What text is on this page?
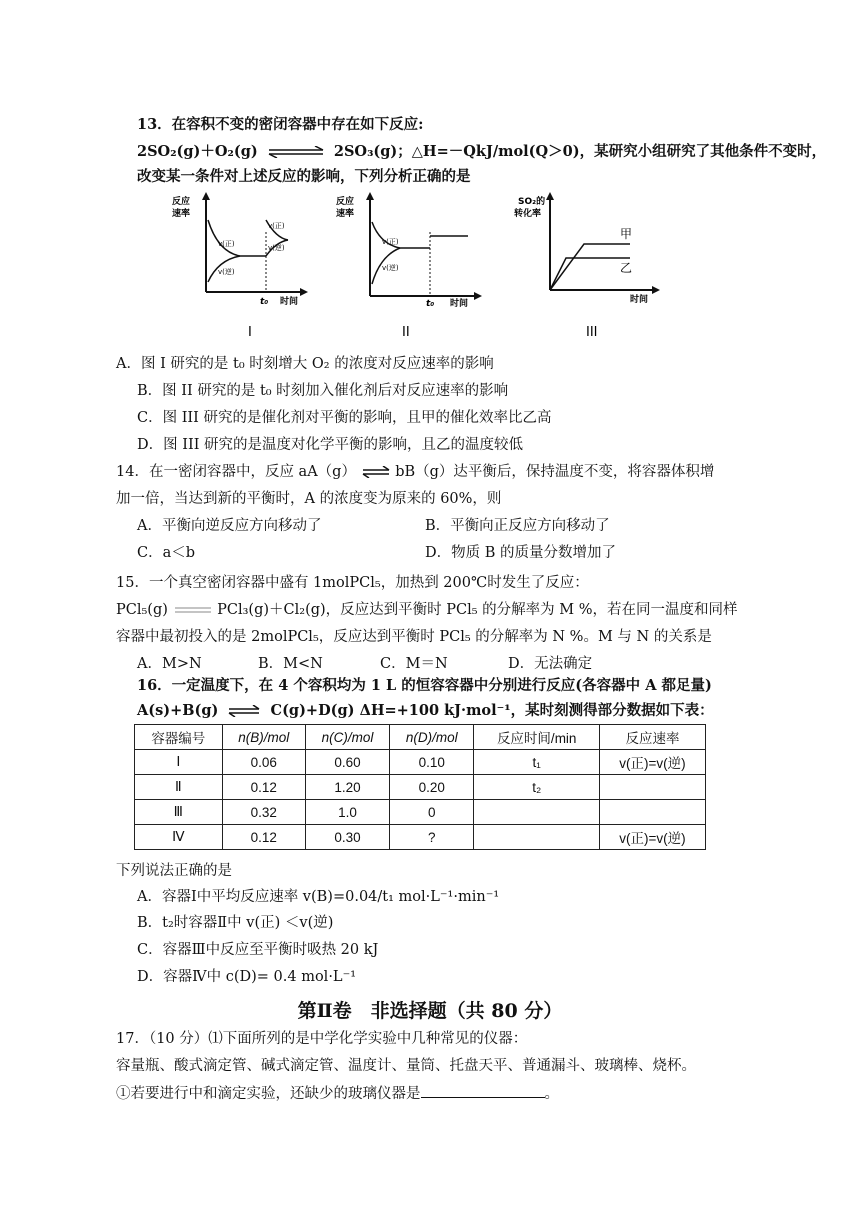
13．在容积不变的密闭容器中存在如下反应:
2SO₂(g)＋O₂(g) ⇌ 2SO₃(g)；△H=－QkJ/mol(Q＞0)，某研究小组研究了其他条件不变时，
改变某一条件对上述反应的影响，下列分析正确的是
反应
速率
v(正)
v(逆)
v(正)
v(逆)
t₀ 时间
I
反应
速率
v(正)
v(逆)
t₀ 时间
II
SO₂的
转化率
甲
乙
时间
III
A．图 I 研究的是 t₀ 时刻增大 O₂ 的浓度对反应速率的影响
B．图 II 研究的是 t₀ 时刻加入催化剂后对反应速率的影响
C．图 III 研究的是催化剂对平衡的影响，且甲的催化效率比乙高
D．图 III 研究的是温度对化学平衡的影响，且乙的温度较低
14．在一密闭容器中，反应 aA（g） ⇌ bB（g）达平衡后，保持温度不变，将容器体积增
加一倍，当达到新的平衡时，A 的浓度变为原来的 60%，则
A．平衡向逆反应方向移动了	B．平衡向正反应方向移动了
C．a＜b	D．物质 B 的质量分数增加了
15．一个真空密闭容器中盛有 1molPCl₅，加热到 200℃时发生了反应：
PCl₅(g)	PCl₃(g)＋Cl₂(g)，反应达到平衡时 PCl₅ 的分解率为 M %，若在同一温度和同样
容器中最初投入的是 2molPCl₅，反应达到平衡时 PCl₅ 的分解率为 N %。M 与 N 的关系是
A．M>N	B．M<N	C．M＝N	D．无法确定
16．一定温度下，在 4 个容积均为 1 L 的恒容容器中分别进行反应(各容器中 A 都足量)
A(s)+B(g) ⇌ C(g)+D(g) ΔH=+100 kJ·mol⁻¹，某时刻测得部分数据如下表：
容器编号	n(B)/mol	n(C)/mol	n(D)/mol	反应时间/min	反应速率
Ⅰ	0.06	0.60	0.10	t₁	v(正)=v(逆)
Ⅱ	0.12	1.20	0.20	t₂	
Ⅲ	0.32	1.0	0		
Ⅳ	0.12	0.30	?		v(正)=v(逆)
下列说法正确的是
A．容器Ⅰ中平均反应速率 v(B)=0.04/t₁ mol·L⁻¹·min⁻¹
B．t₂时容器Ⅱ中 v(正) ＜v(逆)
C．容器Ⅲ中反应至平衡时吸热 20 kJ
D．容器Ⅳ中 c(D)= 0.4 mol·L⁻¹
第Ⅱ卷　非选择题（共 80 分）
17．（10 分）⑴下面所列的是中学化学实验中几种常见的仪器：
容量瓶、酸式滴定管、碱式滴定管、温度计、量筒、托盘天平、普通漏斗、玻璃棒、烧杯。
①若要进行中和滴定实验，还缺少的玻璃仪器是	。
